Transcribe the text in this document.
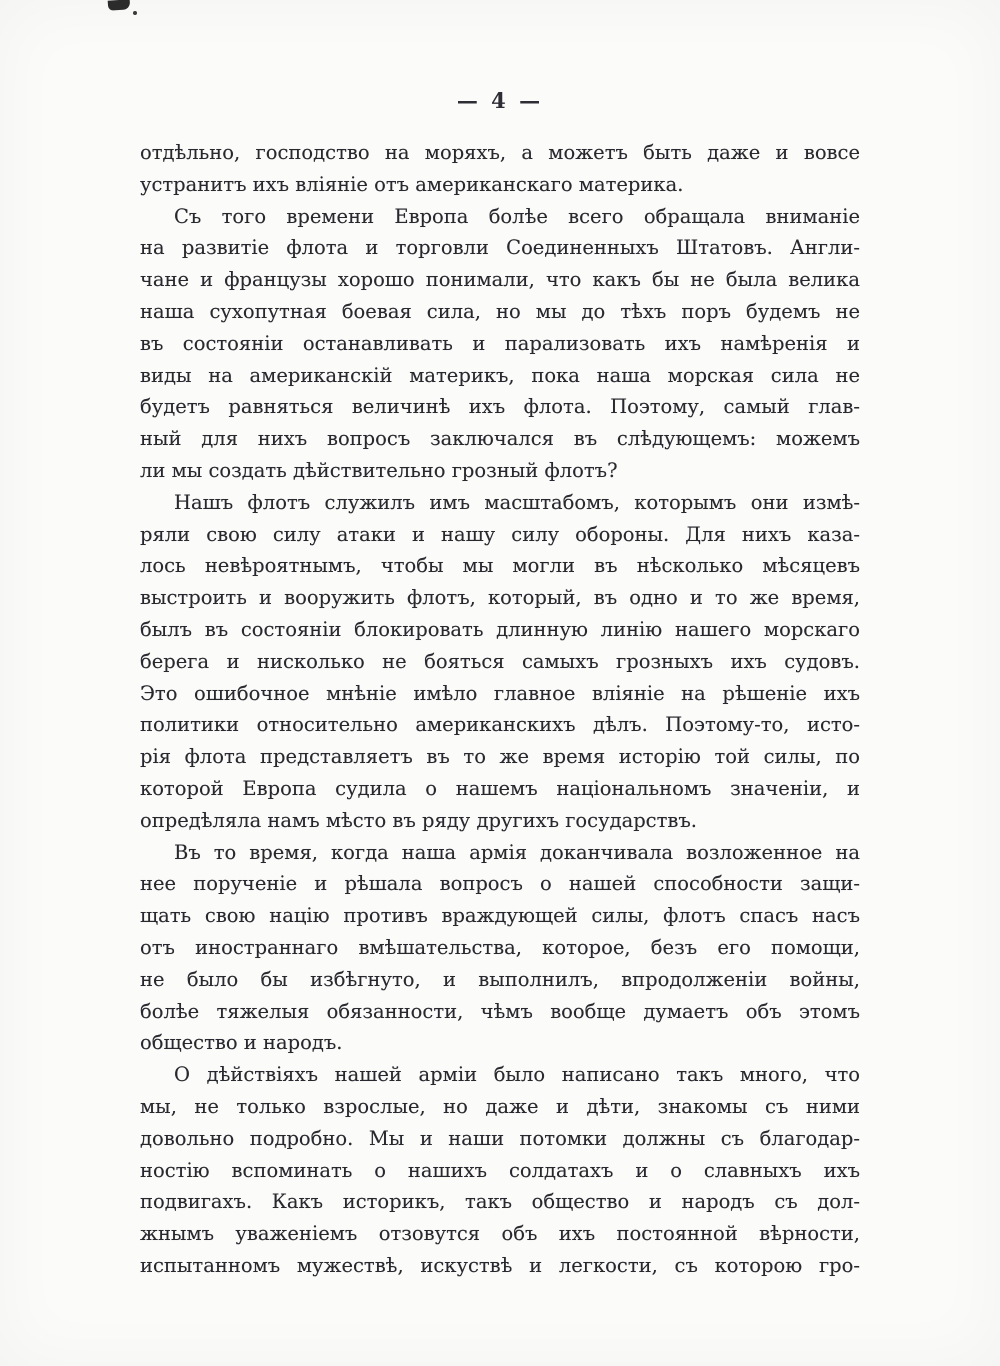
— 4 —
отдѣльно, господство на моряхъ, а можетъ быть даже и вовсе
устранитъ ихъ вліяніе отъ американскаго материка.
Съ того времени Европа болѣе всего обращала вниманіе
на развитіе флота и торговли Соединенныхъ Штатовъ. Англи-
чане и французы хорошо понимали, что какъ бы не была велика
наша сухопутная боевая сила, но мы до тѣхъ поръ будемъ не
въ состояніи останавливать и парализовать ихъ намѣренія и
виды на американскій материкъ, пока наша морская сила не
будетъ равняться величинѣ ихъ флота. Поэтому, самый глав-
ный для нихъ вопросъ заключался въ слѣдующемъ: можемъ
ли мы создать дѣйствительно грозный флотъ?
Нашъ флотъ служилъ имъ масштабомъ, которымъ они измѣ-
ряли свою силу атаки и нашу силу обороны. Для нихъ каза-
лось невѣроятнымъ, чтобы мы могли въ нѣсколько мѣсяцевъ
выстроить и вооружить флотъ, который, въ одно и то же время,
былъ въ состояніи блокировать длинную линію нашего морскаго
берега и нисколько не бояться самыхъ грозныхъ ихъ судовъ.
Это ошибочное мнѣніе имѣло главное вліяніе на рѣшеніе ихъ
политики относительно американскихъ дѣлъ. Поэтому-то, исто-
рія флота представляетъ въ то же время исторію той силы, по
которой Европа судила о нашемъ національномъ значеніи, и
опредѣляла намъ мѣсто въ ряду другихъ государствъ.
Въ то время, когда наша армія доканчивала возложенное на
нее порученіе и рѣшала вопросъ о нашей способности защи-
щать свою націю противъ враждующей силы, флотъ спасъ насъ
отъ иностраннаго вмѣшательства, которое, безъ его помощи,
не было бы избѣгнуто, и выполнилъ, впродолженіи войны,
болѣе тяжелыя обязанности, чѣмъ вообще думаетъ объ этомъ
общество и народъ.
О дѣйствіяхъ нашей арміи было написано такъ много, что
мы, не только взрослые, но даже и дѣти, знакомы съ ними
довольно подробно. Мы и наши потомки должны съ благодар-
ностію вспоминать о нашихъ солдатахъ и о славныхъ ихъ
подвигахъ. Какъ историкъ, такъ общество и народъ съ дол-
жнымъ уваженіемъ отзовутся объ ихъ постоянной вѣрности,
испытанномъ мужествѣ, искуствѣ и легкости, съ которою гро-
